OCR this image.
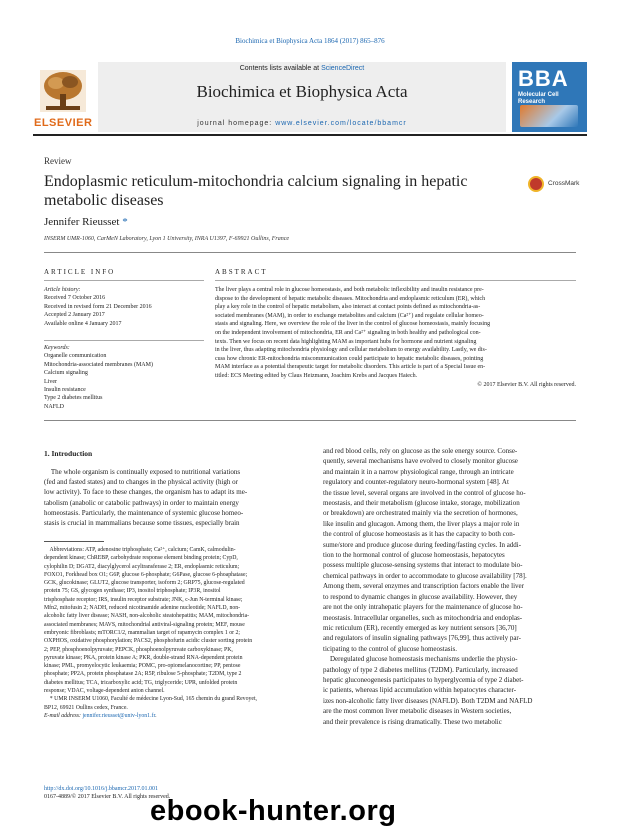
Biochimica et Biophysica Acta 1864 (2017) 865–876
ELSEVIER
Contents lists available at ScienceDirect
Biochimica et Biophysica Acta
journal homepage: www.elsevier.com/locate/bbamcr
BBA
Molecular Cell Research
Review
Endoplasmic reticulum-mitochondria calcium signaling in hepatic metabolic diseases
CrossMark
Jennifer Rieusset *
INSERM UMR-1060, CarMeN Laboratory, Lyon 1 University, INRA U1397, F-69921 Oullins, France
ARTICLE INFO	ABSTRACT
Article history:
Received 7 October 2016
Received in revised form 21 December 2016
Accepted 2 January 2017
Available online 4 January 2017
Keywords:
Organelle communication
Mitochondria-associated membranes (MAM)
Calcium signaling
Liver
Insulin resistance
Type 2 diabetes mellitus
NAFLD
The liver plays a central role in glucose homeostasis, and both metabolic inflexibility and insulin resistance pre-
dispose to the development of hepatic metabolic diseases. Mitochondria and endoplasmic reticulum (ER), which
play a key role in the control of hepatic metabolism, also interact at contact points defined as mitochondria-as-
sociated membranes (MAM), in order to exchange metabolites and calcium (Ca²⁺) and regulate cellular homeo-
stasis and signaling. Here, we overview the role of the liver in the control of glucose homeostasis, mainly focusing
on the independent involvement of mitochondria, ER and Ca²⁺ signaling in both healthy and pathological con-
texts. Then we focus on recent data highlighting MAM as important hubs for hormone and nutrient signaling
in the liver, thus adapting mitochondria physiology and cellular metabolism to energy availability. Lastly, we dis-
cuss how chronic ER-mitochondria miscommunication could participate to hepatic metabolic diseases, pointing
MAM interface as a potential therapeutic target for metabolic disorders. This article is part of a Special Issue en-
titled: ECS Meeting edited by Claus Heizmann, Joachim Krebs and Jacques Haiech.
© 2017 Elsevier B.V. All rights reserved.
1. Introduction
The whole organism is continually exposed to nutritional variations
(fed and fasted states) and to changes in the physical activity (high or
low activity). To face to these changes, the organism has to adapt its me-
tabolism (anabolic or catabolic pathways) in order to maintain energy
homeostasis. Particularly, the maintenance of systemic glucose homeo-
stasis is crucial in mammalians because some tissues, especially brain
Abbreviations: ATP, adenosine triphosphate; Ca²⁺, calcium; CamK, calmodulin-
dependent kinase; ChREBP, carbohydrate response element binding protein; CypD,
cylophilin D; DGAT2, diacylglycerol acyltransferase 2; ER, endoplasmic reticulum;
FOXO1, Forkhead box O1; G6P, glucose 6-phosphate; G6Pase, glucose 6-phoaphatase;
GCK, glucokinase; GLUT2, glucose transporter, isoform 2; GRP75, glucose-regulated
protein 75; GS, glycogen synthase; IP3, inositol triphosphate; IP3R, inositol
trisphosphate receptor; IRS, insulin receptor substrate; JNK, c-Jun N-terminal kinase;
Mfn2, mitofusin 2; NADH, reduced nicotinamide adenine nucleotide; NAFLD, non-
alcoholic fatty liver disease; NASH, non-alcoholic steatohepatitis; MAM, mitochondria-
associated membranes; MAVS, mitochondrial antiviral-signaling protein; MEF, mouse
embryonic fibroblasts; mTORC1/2, mammalian target of rapamycin complex 1 or 2;
OXPHOS, oxidative phosphorylation; PACS2, phosphofurin acidic cluster sorting protein
2; PEP, phosphoenolpyruvate; PEPCK, phosphoenolpyruvate carboxykinase; PK,
pyruvate kinase; PKA, protein kinase A; PKR, double-strand RNA-dependent protein
kinase; PML, promyelocytic leukaemia; POMC, pro-opiomelanocortine; PP, pentose
phosphate; PP2A, protein phosphatase 2A; R5P, ribulose 5-phosphate; T2DM, type 2
diabetes mellitus; TCA, tricarboxylic acid; TG, triglyceride; UPR, unfolded protein
response; VDAC, voltage-dependent anion channel.
* UMR INSERM U1060, Faculté de médecine Lyon-Sud, 165 chemin du grand Revoyet,
BP12, 69921 Oullins cedex, France.
E-mail address: jennifer.rieusset@univ-lyon1.fr.
and red blood cells, rely on glucose as the sole energy source. Conse-
quently, several mechanisms have evolved to closely monitor glucose
and maintain it in a narrow physiological range, through an intricate
regulatory and counter-regulatory neuro-hormonal system [48]. At
the tissue level, several organs are involved in the control of glucose ho-
meostasis, and their metabolism (glucose intake, storage, mobilization
or breakdown) are orchestrated mainly via the secretion of hormones,
like insulin and glucagon. Among them, the liver plays a major role in
the control of glucose homeostasis as it has the capacity to both con-
sume/store and produce glucose during feeding/fasting cycles. In addi-
tion to the hormonal control of glucose homeostasis, hepatocytes
possess multiple glucose-sensing systems that interact to modulate bio-
chemical pathways in order to accommodate to glucose availability [78].
Among them, several enzymes and transcription factors enable the liver
to respond to dynamic changes in glucose availability. However, they
are not the only intrahepatic players for the maintenance of glucose ho-
meostasis. Intracellular organelles, such as mitochondria and endoplas-
mic reticulum (ER), recently emerged as key nutrient sensors [36,70]
and regulators of insulin signaling pathways [76,99], thus actively par-
ticipating to the control of glucose homeostasis.
Deregulated glucose homeostasis mechanisms underlie the physio-
pathology of type 2 diabetes mellitus (T2DM). Particularly, increased
hepatic gluconeogenesis participates to hyperglycemia of type 2 diabet-
ic patients, whereas lipid accumulation within hepatocytes character-
izes non-alcoholic fatty liver diseases (NAFLD). Both T2DM and NAFLD
are the most common liver metabolic diseases in Western societies,
and their prevalence is rising dramatically. These two metabolic
http://dx.doi.org/10.1016/j.bbamcr.2017.01.001
0167-4889/© 2017 Elsevier B.V. All rights reserved.
ebook-hunter.org
